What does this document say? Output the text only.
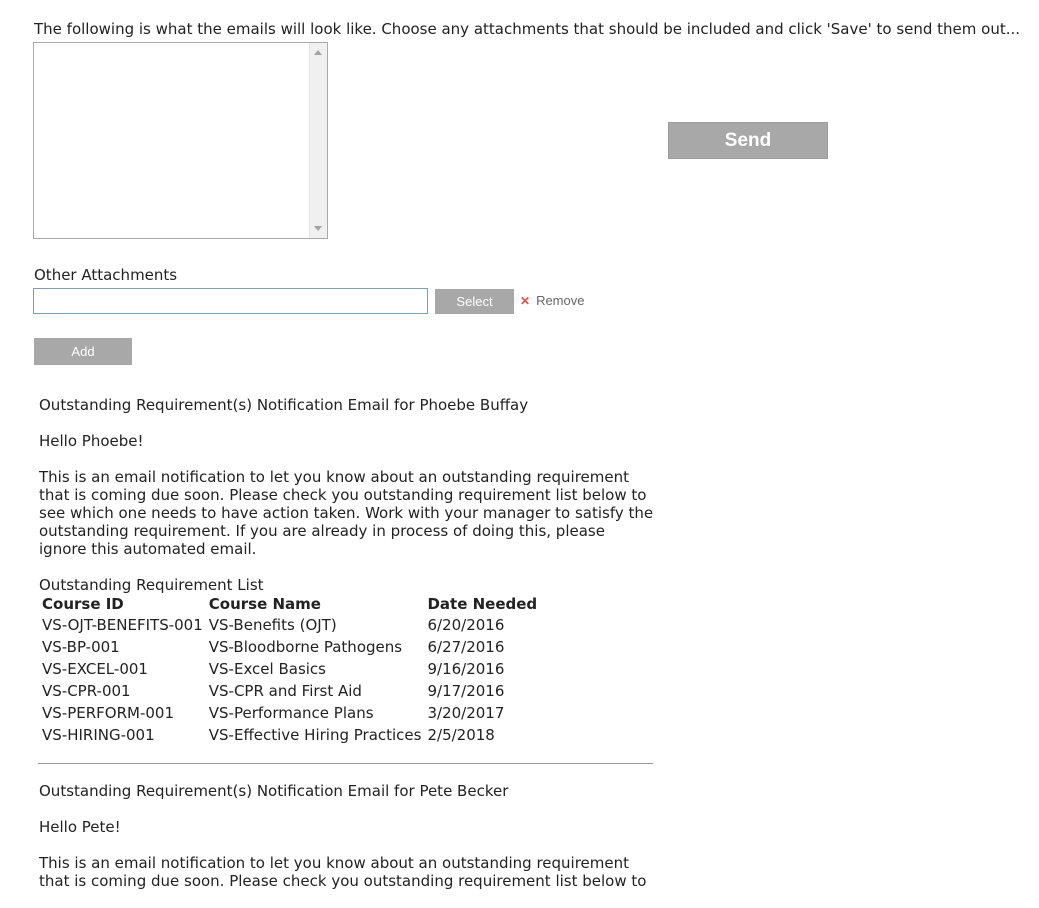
The following is what the emails will look like. Choose any attachments that should be included and click 'Save' to send them out...
Send
Other Attachments
Select	✕ Remove
Add

Outstanding Requirement(s) Notification Email for Phoebe Buffay

Hello Phoebe!

This is an email notification to let you know about an outstanding requirement that is coming due soon. Please check you outstanding requirement list below to see which one needs to have action taken. Work with your manager to satisfy the outstanding requirement. If you are already in process of doing this, please ignore this automated email.

Outstanding Requirement List

Course ID	Course Name	Date Needed
VS-OJT-BENEFITS-001	VS-Benefits (OJT)	6/20/2016
VS-BP-001	VS-Bloodborne Pathogens	6/27/2016
VS-EXCEL-001	VS-Excel Basics	9/16/2016
VS-CPR-001	VS-CPR and First Aid	9/17/2016
VS-PERFORM-001	VS-Performance Plans	3/20/2017
VS-HIRING-001	VS-Effective Hiring Practices	2/5/2018

Outstanding Requirement(s) Notification Email for Pete Becker

Hello Pete!

This is an email notification to let you know about an outstanding requirement that is coming due soon. Please check you outstanding requirement list below to
